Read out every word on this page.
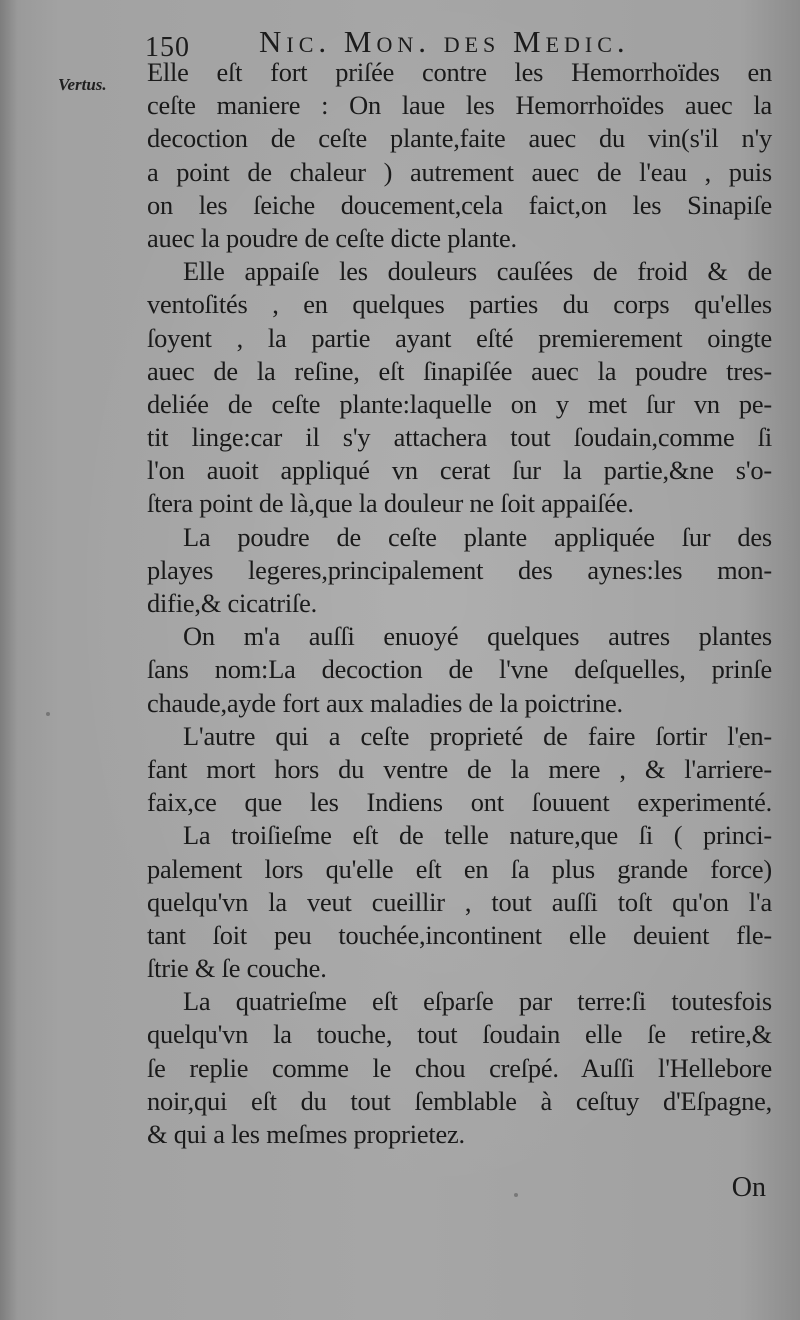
150 Nic. Mon. des Medic.
Vertus. Elle eſt fort priſée contre les Hemorrhoïdes en
ceſte maniere : On laue les Hemorrhoïdes auec la
decoction de ceſte plante,faite auec du vin(s'il n'y
a point de chaleur ) autrement auec de l'eau , puis
on les ſeiche doucement,cela faict,on les Sinapiſe
auec la poudre de ceſte dicte plante.
Elle appaiſe les douleurs cauſées de froid & de
ventoſités , en quelques parties du corps qu'elles
ſoyent , la partie ayant eſté premierement oingte
auec de la reſine, eſt ſinapiſée auec la poudre tres-
deliée de ceſte plante:laquelle on y met ſur vn pe-
tit linge:car il s'y attachera tout ſoudain,comme ſi
l'on auoit appliqué vn cerat ſur la partie,&ne s'o-
ſtera point de là,que la douleur ne ſoit appaiſée.
La poudre de ceſte plante appliquée ſur des
playes legeres,principalement des aynes:les mon-
difie,& cicatriſe.
On m'a auſſi enuoyé quelques autres plantes
ſans nom:La decoction de l'vne deſquelles, prinſe
chaude,ayde fort aux maladies de la poictrine.
L'autre qui a ceſte proprieté de faire ſortir l'en-
fant mort hors du ventre de la mere , & l'arriere-
faix,ce que les Indiens ont ſouuent experimenté.
La troiſieſme eſt de telle nature,que ſi ( princi-
palement lors qu'elle eſt en ſa plus grande force)
quelqu'vn la veut cueillir , tout auſſi toſt qu'on l'a
tant ſoit peu touchée,incontinent elle deuient fle-
ſtrie & ſe couche.
La quatrieſme eſt eſparſe par terre:ſi toutesfois
quelqu'vn la touche, tout ſoudain elle ſe retire,&
ſe replie comme le chou creſpé. Auſſi l'Hellebore
noir,qui eſt du tout ſemblable à ceſtuy d'Eſpagne,
& qui a les meſmes proprietez.
On
